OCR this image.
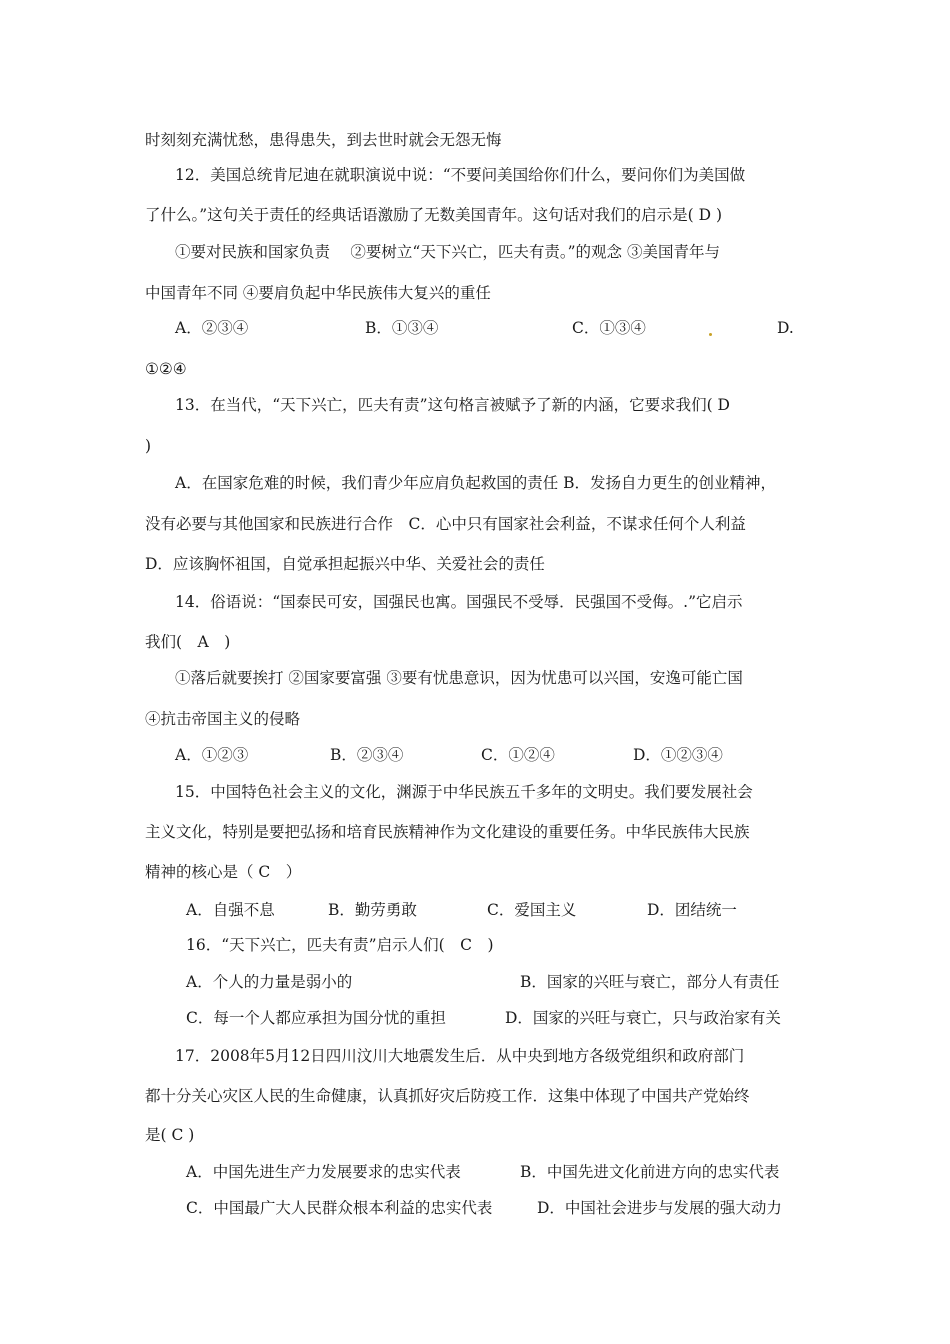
时刻刻充满忧愁，患得患失，到去世时就会无怨无悔
12．美国总统肯尼迪在就职演说中说：“不要问美国给你们什么，要问你们为美国做
了什么。”这句关于责任的经典话语激励了无数美国青年。这句话对我们的启示是( D )
①要对民族和国家负责　 ②要树立“天下兴亡，匹夫有责。”的观念 ③美国青年与
中国青年不同 ④要肩负起中华民族伟大复兴的重任
A．②③④	B．①③④	C．①③④	D.
①②④
13．在当代，“天下兴亡，匹夫有责”这句格言被赋予了新的内涵，它要求我们( D
)
A．在国家危难的时候，我们青少年应肩负起救国的责任 B．发扬自力更生的创业精神，
没有必要与其他国家和民族进行合作　C．心中只有国家社会利益，不谋求任何个人利益
D．应该胸怀祖国，自觉承担起振兴中华、关爱社会的责任
14．俗语说：“国泰民可安，国强民也寓。国强民不受辱．民强国不受侮。.”它启示
我们(　A　)
①落后就要挨打 ②国家要富强 ③要有忧患意识，因为忧患可以兴国，安逸可能亡国
④抗击帝国主义的侵略
A．①②③	B．②③④	C．①②④	D．①②③④
15．中国特色社会主义的文化，渊源于中华民族五千多年的文明史。我们要发展社会
主义文化，特别是要把弘扬和培育民族精神作为文化建设的重要任务。中华民族伟大民族
精神的核心是（ C　）
A．自强不息	B．勤劳勇敢	C．爱国主义	D．团结统一
16．“天下兴亡，匹夫有责”启示人们(　C　)
A．个人的力量是弱小的	B．国家的兴旺与衰亡，部分人有责任
C．每一个人都应承担为国分忧的重担	D．国家的兴旺与衰亡，只与政治家有关
17．2008年5月12日四川汶川大地震发生后．从中央到地方各级党组织和政府部门
都十分关心灾区人民的生命健康，认真抓好灾后防疫工作．这集中体现了中国共产党始终
是( C )
A．中国先进生产力发展要求的忠实代表	B．中国先进文化前进方向的忠实代表
C．中国最广大人民群众根本利益的忠实代表	D．中国社会进步与发展的强大动力
